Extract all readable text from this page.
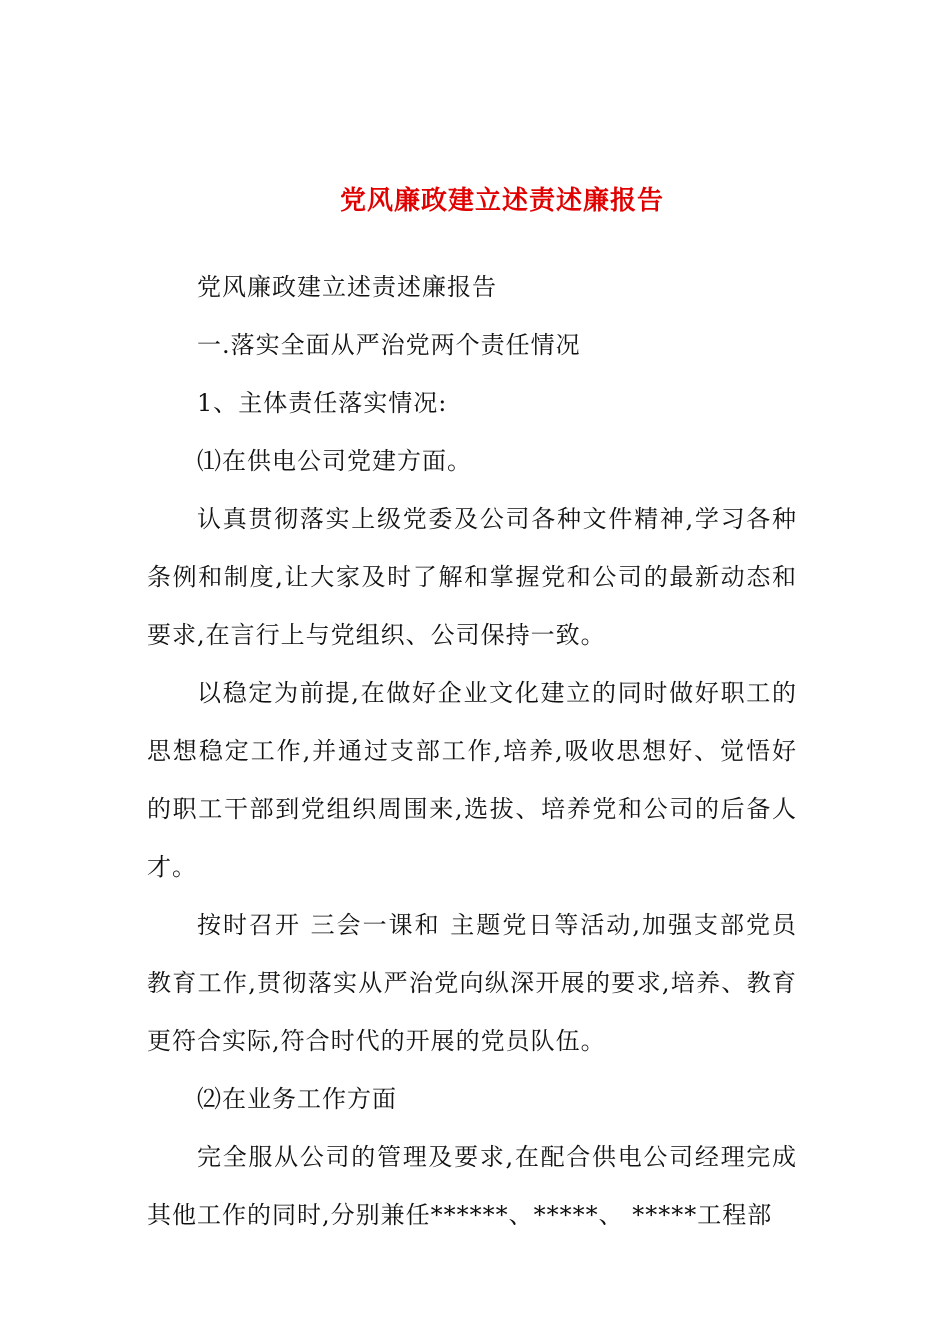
党风廉政建立述责述廉报告

党风廉政建立述责述廉报告

一.落实全面从严治党两个责任情况

1、主体责任落实情况:

⑴在供电公司党建方面。

认真贯彻落实上级党委及公司各种文件精神,学习各种条例和制度,让大家及时了解和掌握党和公司的最新动态和要求,在言行上与党组织、公司保持一致。

以稳定为前提,在做好企业文化建立的同时做好职工的思想稳定工作,并通过支部工作,培养,吸收思想好、觉悟好的职工干部到党组织周围来,选拔、培养党和公司的后备人才。

按时召开 三会一课和 主题党日等活动,加强支部党员教育工作,贯彻落实从严治党向纵深开展的要求,培养、教育更符合实际,符合时代的开展的党员队伍。

⑵在业务工作方面

完全服从公司的管理及要求,在配合供电公司经理完成其他工作的同时,分别兼任******、*****、 *****工程部
